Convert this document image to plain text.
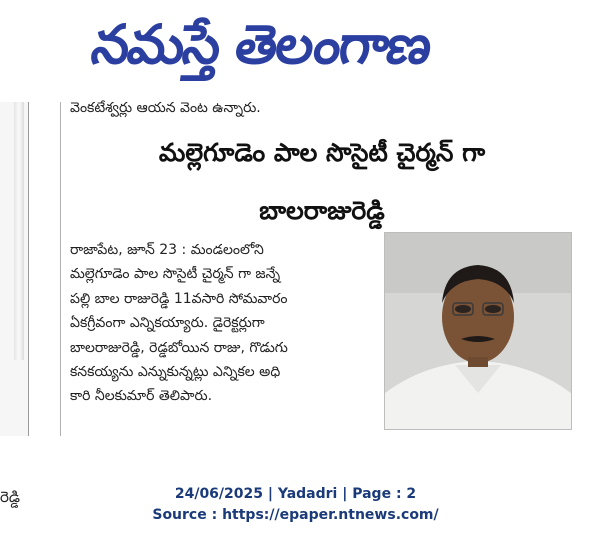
నమస్తే తెలంగాణ
రెడ్డి
వెంకటేశ్వర్లు ఆయన వెంట ఉన్నారు.
మల్లెగూడెం పాల సొసైటీ చైర్మన్ గా
బాలరాజురెడ్డి
రాజాపేట, జూన్ 23 : మండలంలోని
మల్లెగూడెం పాల సొసైటీ చైర్మన్ గా జన్నే
పల్లి బాల రాజురెడ్డి 11వసారి సోమవారం
ఏకగ్రీవంగా ఎన్నికయ్యారు. డైరెక్టర్లుగా
బాలరాజురెడ్డి, రెడ్డబోయిన రాజు, గొడుగు
కనకయ్యను ఎన్నుకున్నట్లు ఎన్నికల అధి
కారి నీలకుమార్ తెలిపారు.
24/06/2025 | Yadadri | Page : 2
Source : https://epaper.ntnews.com/
